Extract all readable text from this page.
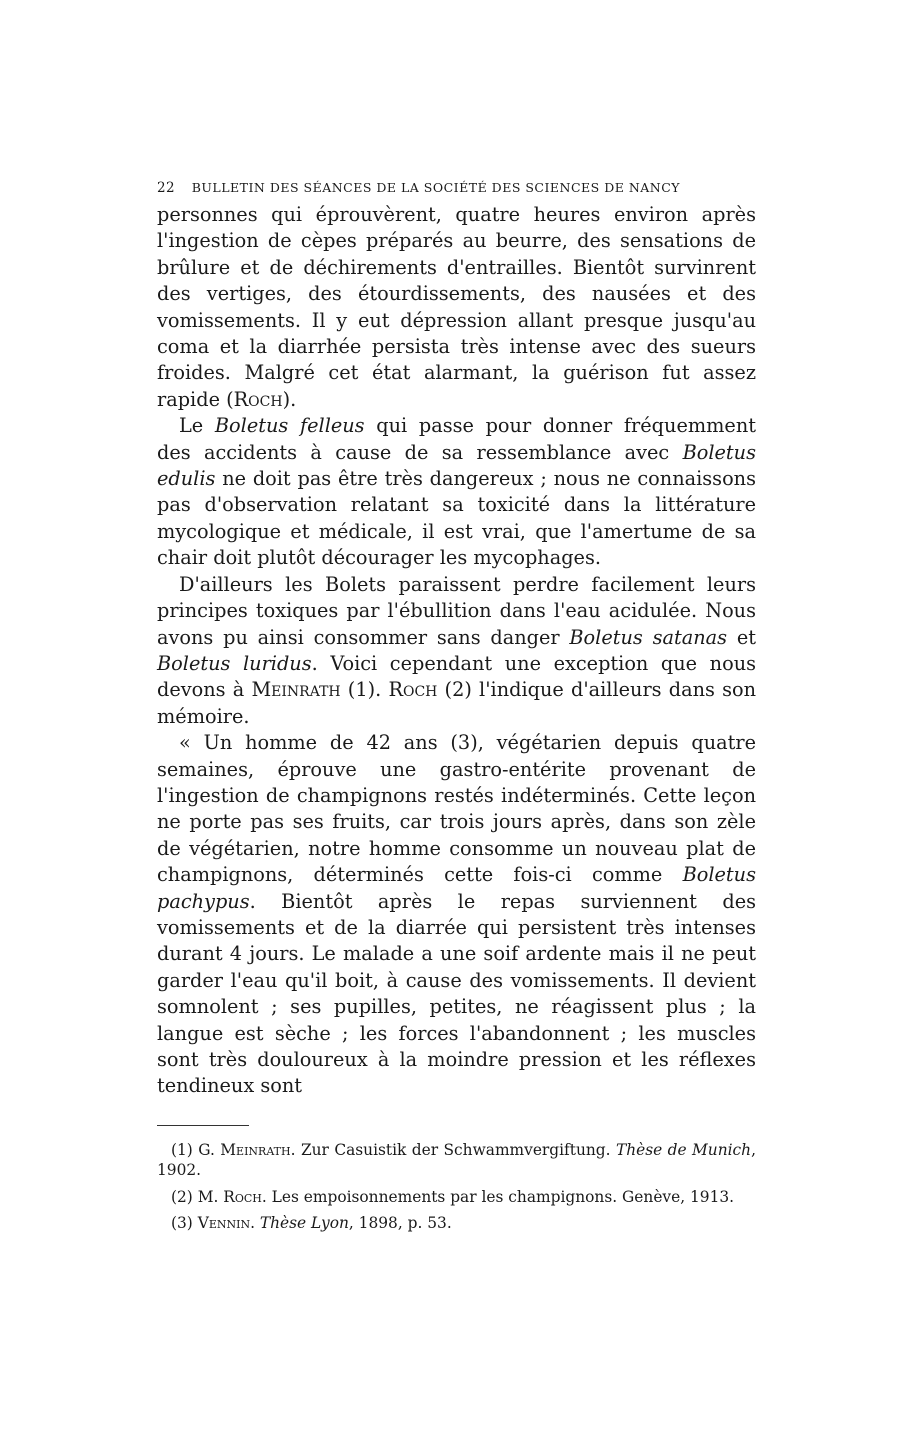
22 BULLETIN DES SÉANCES DE LA SOCIÉTÉ DES SCIENCES DE NANCY

personnes qui éprouvèrent, quatre heures environ après l'ingestion de cèpes préparés au beurre, des sensations de brûlure et de déchirements d'entrailles. Bientôt survinrent des vertiges, des étourdissements, des nausées et des vomissements. Il y eut dépression allant presque jusqu'au coma et la diarrhée persista très intense avec des sueurs froides. Malgré cet état alarmant, la guérison fut assez rapide (Roch).

Le Boletus felleus qui passe pour donner fréquemment des accidents à cause de sa ressemblance avec Boletus edulis ne doit pas être très dangereux ; nous ne connaissons pas d'observation relatant sa toxicité dans la littérature mycologique et médicale, il est vrai, que l'amertume de sa chair doit plutôt décourager les mycophages.

D'ailleurs les Bolets paraissent perdre facilement leurs principes toxiques par l'ébullition dans l'eau acidulée. Nous avons pu ainsi consommer sans danger Boletus satanas et Boletus luridus. Voici cependant une exception que nous devons à Meinrath (1). Roch (2) l'indique d'ailleurs dans son mémoire.

« Un homme de 42 ans (3), végétarien depuis quatre semaines, éprouve une gastro-entérite provenant de l'ingestion de champignons restés indéterminés. Cette leçon ne porte pas ses fruits, car trois jours après, dans son zèle de végétarien, notre homme consomme un nouveau plat de champignons, déterminés cette fois-ci comme Boletus pachypus. Bientôt après le repas surviennent des vomissements et de la diarrée qui persistent très intenses durant 4 jours. Le malade a une soif ardente mais il ne peut garder l'eau qu'il boit, à cause des vomissements. Il devient somnolent ; ses pupilles, petites, ne réagissent plus ; la langue est sèche ; les forces l'abandonnent ; les muscles sont très douloureux à la moindre pression et les réflexes tendineux sont

(1) G. Meinrath. Zur Casuistik der Schwammvergiftung. Thèse de Munich, 1902.

(2) M. Roch. Les empoisonnements par les champignons. Genève, 1913.

(3) Vennin. Thèse Lyon, 1898, p. 53.
